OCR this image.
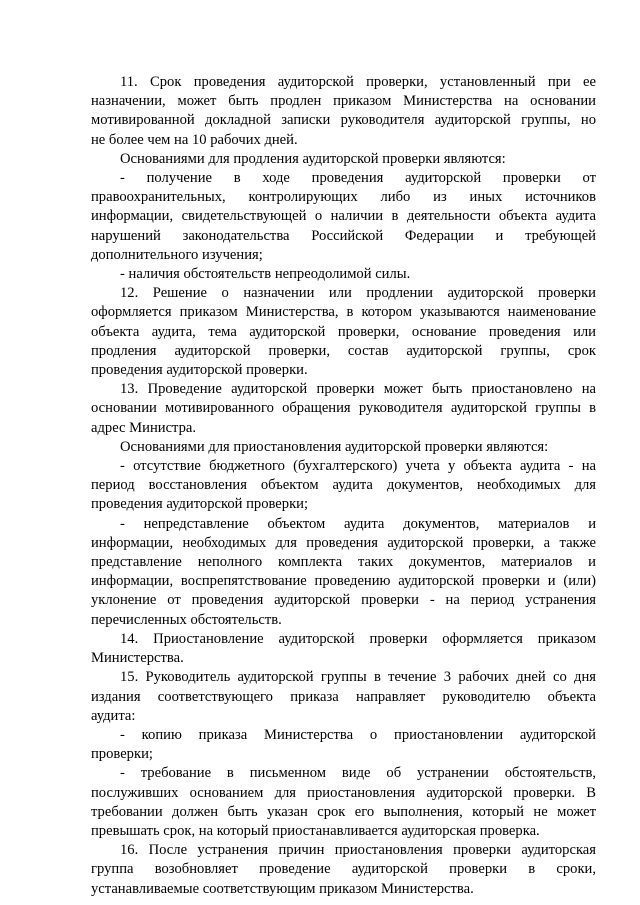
11. Срок проведения аудиторской проверки, установленный при ее
назначении, может быть продлен приказом Министерства на основании
мотивированной докладной записки руководителя аудиторской группы, но
не более чем на 10 рабочих дней.
Основаниями для продления аудиторской проверки являются:
- получение в ходе проведения аудиторской проверки от
правоохранительных, контролирующих либо из иных источников
информации, свидетельствующей о наличии в деятельности объекта аудита
нарушений законодательства Российской Федерации и требующей
дополнительного изучения;
- наличия обстоятельств непреодолимой силы.
12. Решение о назначении или продлении аудиторской проверки
оформляется приказом Министерства, в котором указываются наименование
объекта аудита, тема аудиторской проверки, основание проведения или
продления аудиторской проверки, состав аудиторской группы, срок
проведения аудиторской проверки.
13. Проведение аудиторской проверки может быть приостановлено на
основании мотивированного обращения руководителя аудиторской группы в
адрес Министра.
Основаниями для приостановления аудиторской проверки являются:
- отсутствие бюджетного (бухгалтерского) учета у объекта аудита - на
период восстановления объектом аудита документов, необходимых для
проведения аудиторской проверки;
- непредставление объектом аудита документов, материалов и
информации, необходимых для проведения аудиторской проверки, а также
представление неполного комплекта таких документов, материалов и
информации, воспрепятствование проведению аудиторской проверки и (или)
уклонение от проведения аудиторской проверки - на период устранения
перечисленных обстоятельств.
14. Приостановление аудиторской проверки оформляется приказом
Министерства.
15. Руководитель аудиторской группы в течение 3 рабочих дней со дня
издания соответствующего приказа направляет руководителю объекта
аудита:
- копию приказа Министерства о приостановлении аудиторской
проверки;
- требование в письменном виде об устранении обстоятельств,
послуживших основанием для приостановления аудиторской проверки. В
требовании должен быть указан срок его выполнения, который не может
превышать срок, на который приостанавливается аудиторская проверка.
16. После устранения причин приостановления проверки аудиторская
группа возобновляет проведение аудиторской проверки в сроки,
устанавливаемые соответствующим приказом Министерства.
